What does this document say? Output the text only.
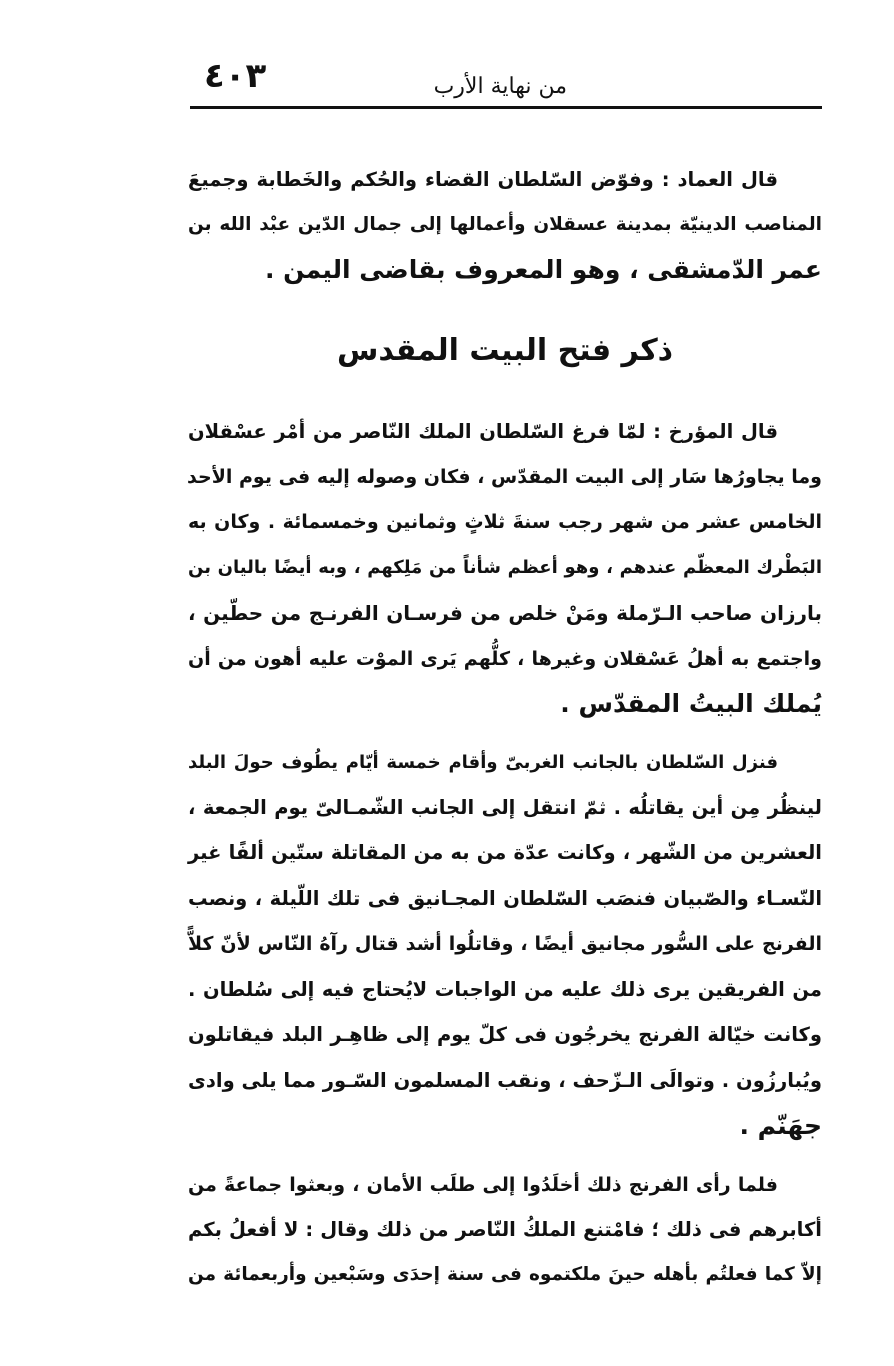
من نهاية الأرب
٤٠٣
قال العماد : وفوّض السّلطان القضاء والحُكم والخَطابة وجميعَ
المناصب الدينيّة بمدينة عسقلان وأعمالها إلى جمال الدّين عبْد الله بن
عمر الدّمشقى ، وهو المعروف بقاضى اليمن .
ذكر فتح البيت المقدس
قال المؤرخ : لمّا فرغ السّلطان الملك النّاصر من أمْر عسْقلان
وما يجاورُها سَار إلى البيت المقدّس ، فكان وصوله إليه فى يوم الأحد
الخامس عشر من شهر رجب سنةَ ثلاثٍ وثمانين وخمسمائة . وكان به
البَطْرك المعظّم عندهم ، وهو أعظم شأناً من مَلِكهم ، وبه أيضًا باليان بن
بارزان صاحب الـرّملة ومَنْ خلص من فرسـان الفرنـج من حطّين ،
واجتمع به أهلُ عَسْقلان وغيرها ، كلُّهم يَرى الموْت عليه أهون من أن
يُملك البيتُ المقدّس .
فنزل السّلطان بالجانب الغربىّ وأقام خمسة أيّام يطُوف حولَ البلد
لينظُر مِن أين يقاتلُه . ثمّ انتقل إلى الجانب الشّمـالىّ يوم الجمعة ،
العشرين من الشّهر ، وكانت عدّة من به من المقاتلة ستّين ألفًا غير
النّسـاء والصّبيان فنصَب السّلطان المجـانيق فى تلك اللّيلة ، ونصب
الفرنج على السُّور مجانيق أيضًا ، وقاتلُوا أشد قتال رآهُ النّاس لأنّ كلاًّ
من الفريقين يرى ذلك عليه من الواجبات لايُحتاج فيه إلى سُلطان .
وكانت خيّالة الفرنج يخرجُون فى كلّ يوم إلى ظاهِـر البلد فيقاتلون
ويُبارزُون . وتوالَى الـزّحف ، ونقب المسلمون السّـور مما يلى وادى
جهَنّم .
فلما رأى الفرنج ذلك أخلَدُوا إلى طلَب الأمان ، وبعثوا جماعةً من
أكابرهم فى ذلك ؛ فامْتنع الملكُ النّاصر من ذلك وقال : لا أفعلُ بكم
إلاّ كما فعلتُم بأهله حينَ ملكتموه فى سنة إحدَى وسَبْعين وأربعمائة من
